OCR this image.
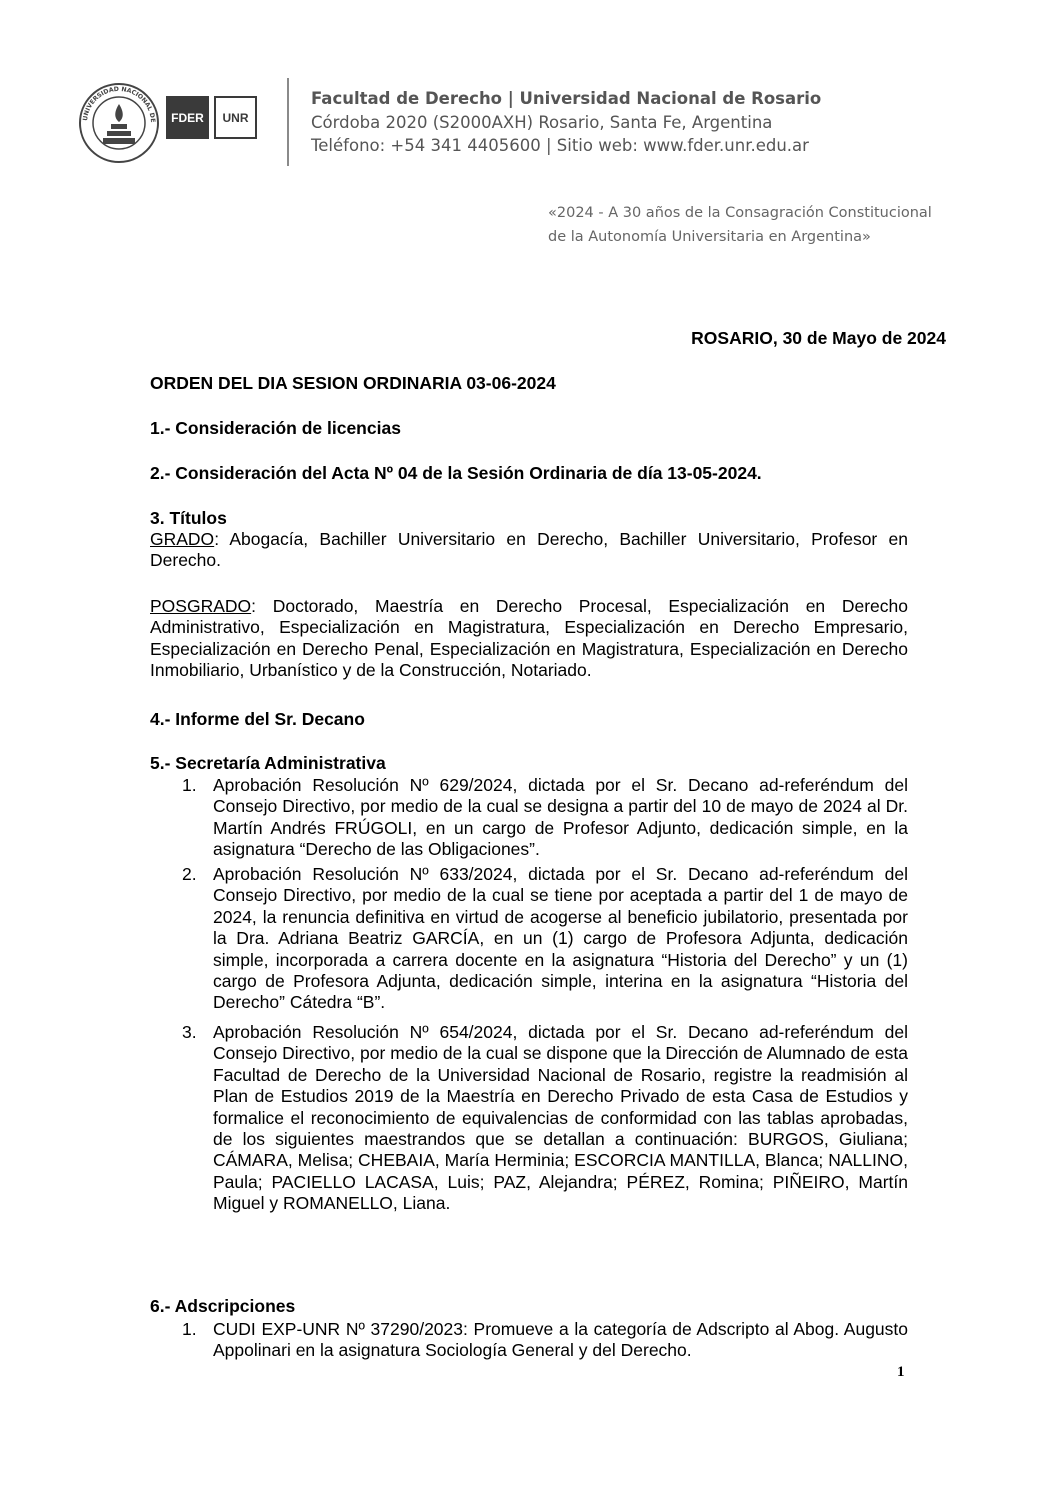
UNIVERSIDAD NACIONAL DE	FDER	UNR
Facultad de Derecho | Universidad Nacional de Rosario
Córdoba 2020 (S2000AXH) Rosario, Santa Fe, Argentina
Teléfono: +54 341 4405600 | Sitio web: www.fder.unr.edu.ar
«2024 - A 30 años de la Consagración Constitucional
de la Autonomía Universitaria en Argentina»
ROSARIO, 30 de Mayo de 2024
ORDEN DEL DIA SESION ORDINARIA 03-06-2024
1.- Consideración de licencias
2.- Consideración del Acta Nº 04 de la Sesión Ordinaria de día 13-05-2024.
3. Títulos
GRADO: Abogacía, Bachiller Universitario en Derecho, Bachiller Universitario, Profesor en Derecho.
POSGRADO: Doctorado, Maestría en Derecho Procesal, Especialización en Derecho Administrativo, Especialización en Magistratura, Especialización en Derecho Empresario, Especialización en Derecho Penal, Especialización en Magistratura, Especialización en Derecho Inmobiliario, Urbanístico y de la Construcción, Notariado.
4.- Informe del Sr. Decano
5.- Secretaría Administrativa
1. Aprobación Resolución Nº 629/2024, dictada por el Sr. Decano ad-referéndum del Consejo Directivo, por medio de la cual se designa a partir del 10 de mayo de 2024 al Dr. Martín Andrés FRÚGOLI, en un cargo de Profesor Adjunto, dedicación simple, en la asignatura “Derecho de las Obligaciones”.
2. Aprobación Resolución Nº 633/2024, dictada por el Sr. Decano ad-referéndum del Consejo Directivo, por medio de la cual se tiene por aceptada a partir del 1 de mayo de 2024, la renuncia definitiva en virtud de acogerse al beneficio jubilatorio, presentada por la Dra. Adriana Beatriz GARCÍA, en un (1) cargo de Profesora Adjunta, dedicación simple, incorporada a carrera docente en la asignatura “Historia del Derecho” y un (1) cargo de Profesora Adjunta, dedicación simple, interina en la asignatura “Historia del Derecho” Cátedra “B”.
3. Aprobación Resolución Nº 654/2024, dictada por el Sr. Decano ad-referéndum del Consejo Directivo, por medio de la cual se dispone que la Dirección de Alumnado de esta Facultad de Derecho de la Universidad Nacional de Rosario, registre la readmisión al Plan de Estudios 2019 de la Maestría en Derecho Privado de esta Casa de Estudios y formalice el reconocimiento de equivalencias de conformidad con las tablas aprobadas, de los siguientes maestrandos que se detallan a continuación: BURGOS, Giuliana; CÁMARA, Melisa; CHEBAIA, María Herminia; ESCORCIA MANTILLA, Blanca; NALLINO, Paula; PACIELLO LACASA, Luis; PAZ, Alejandra; PÉREZ, Romina; PIÑEIRO, Martín Miguel y ROMANELLO, Liana.
6.- Adscripciones
1. CUDI EXP-UNR Nº 37290/2023: Promueve a la categoría de Adscripto al Abog. Augusto Appolinari en la asignatura Sociología General y del Derecho.
1
